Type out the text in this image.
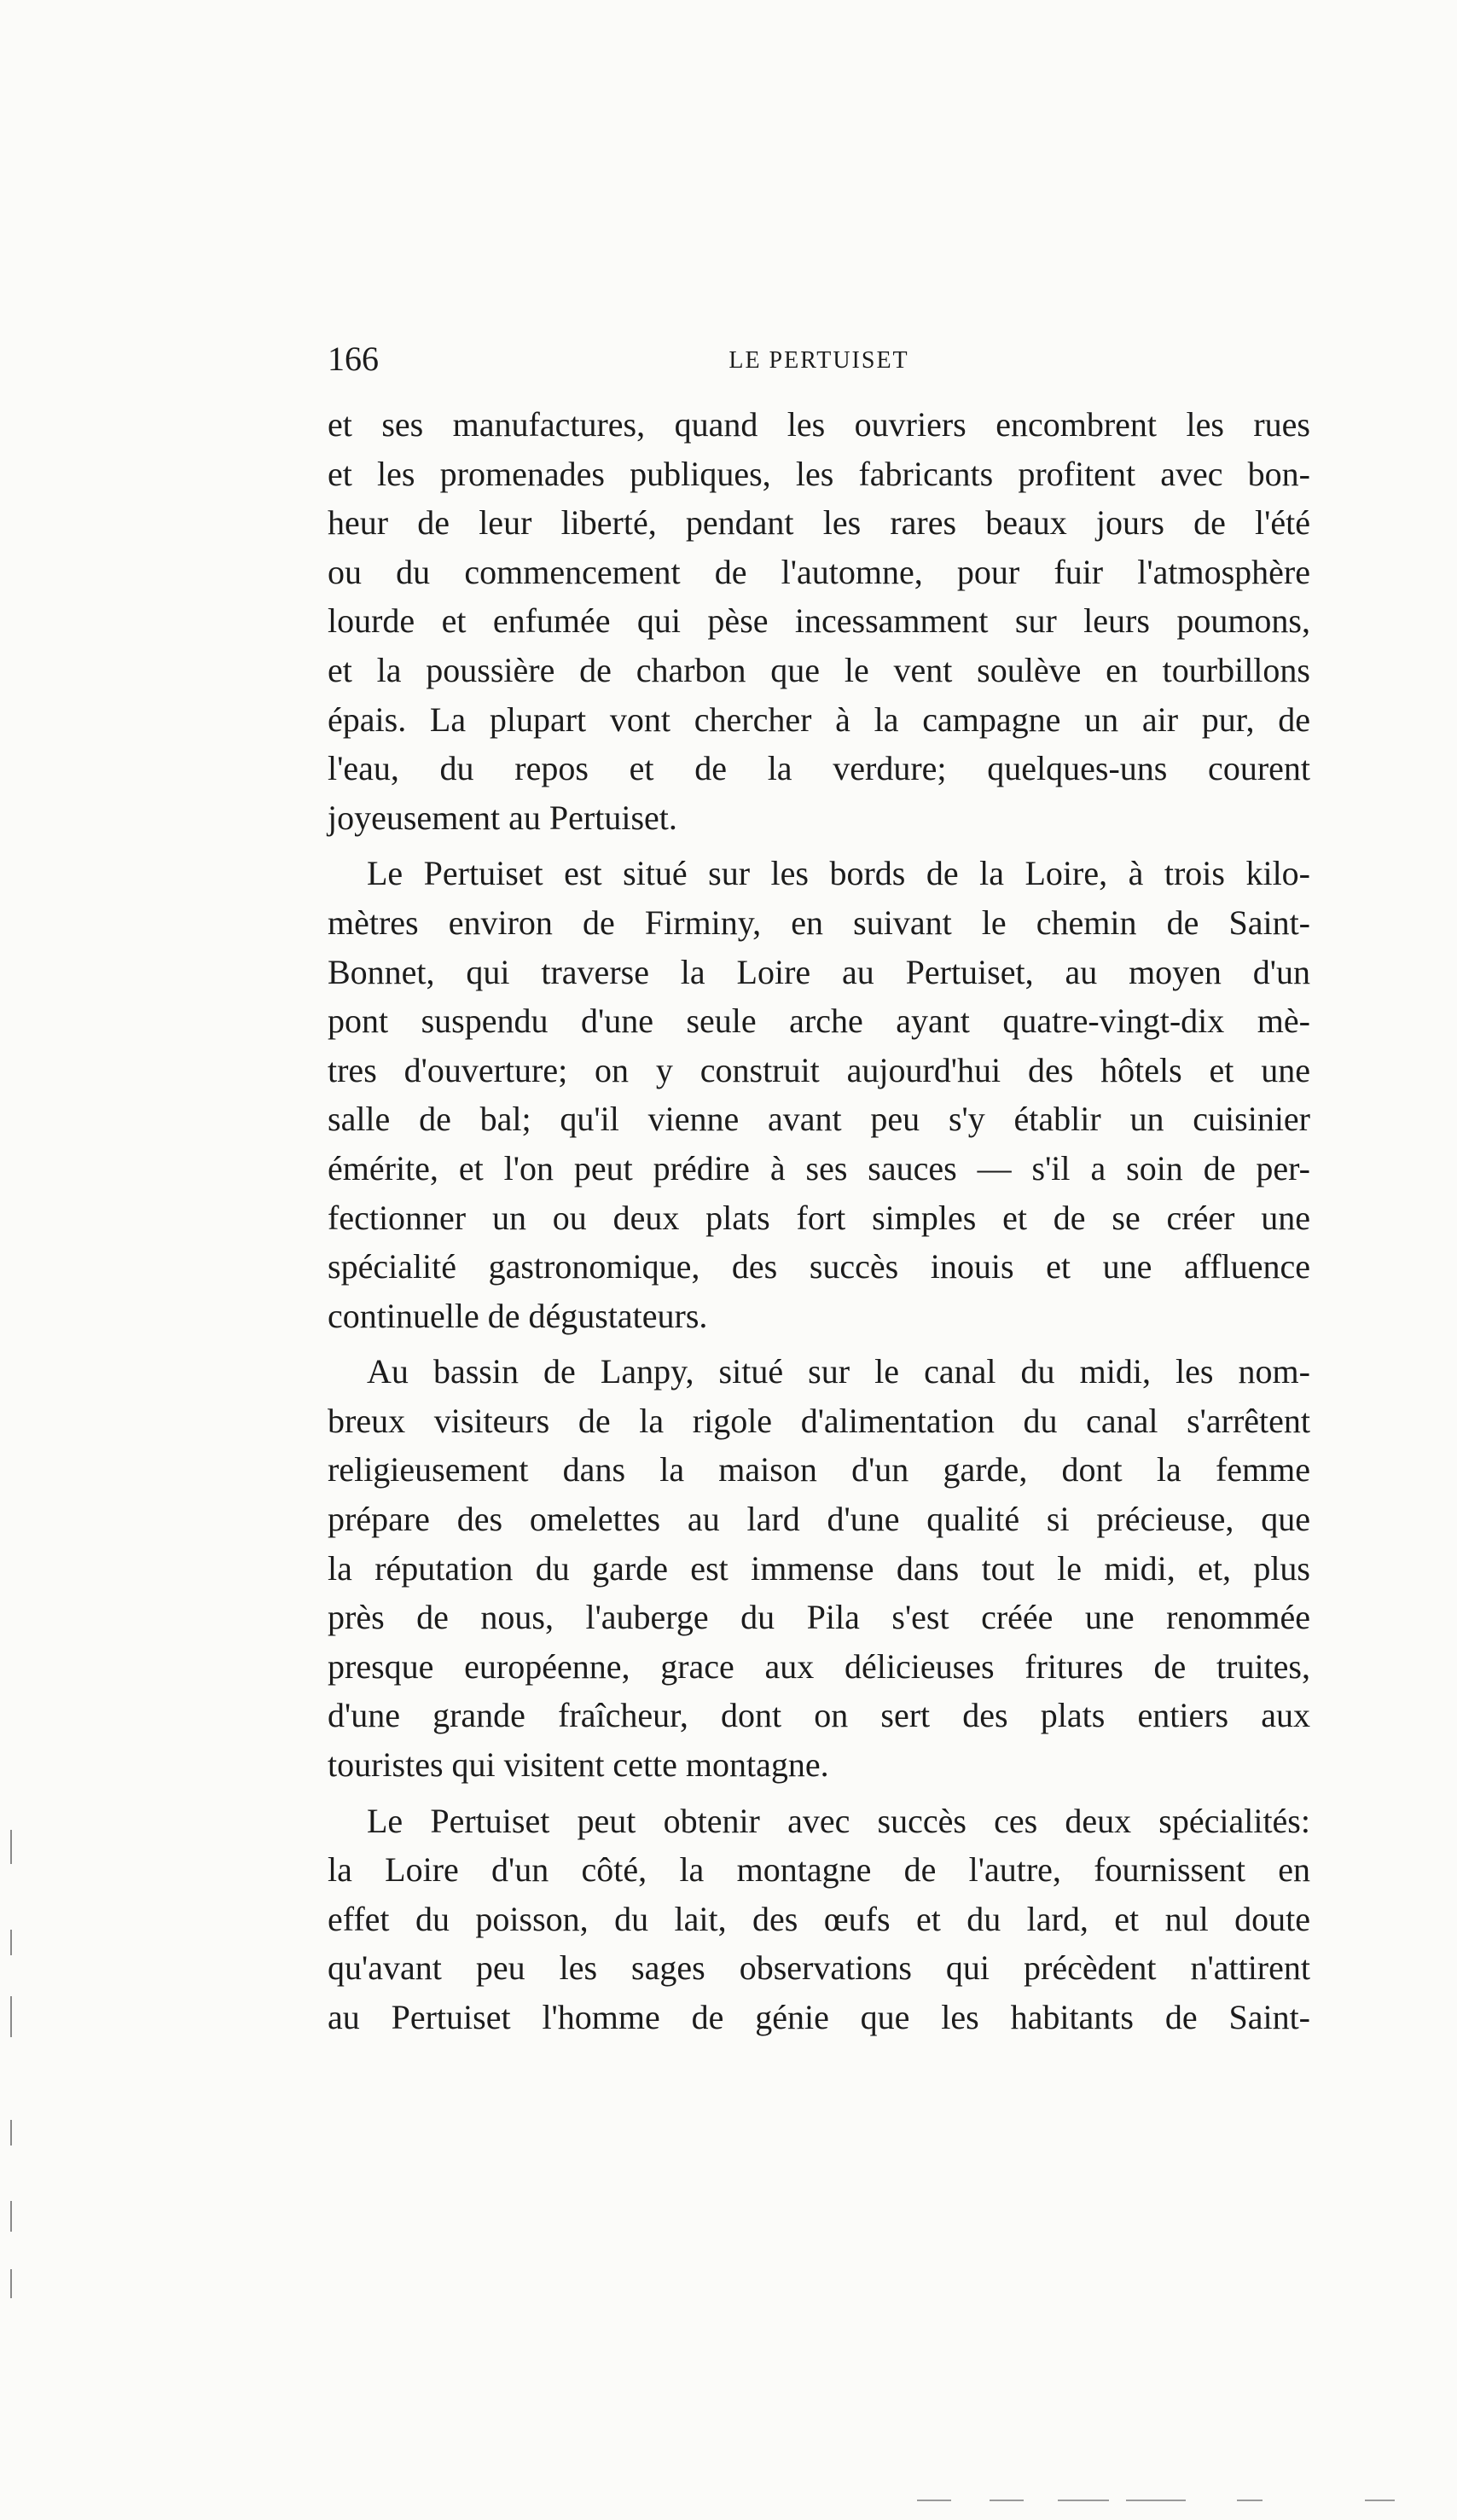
166	LE PERTUISET
et ses manufactures, quand les ouvriers encombrent les rues
et les promenades publiques, les fabricants profitent avec bon-
heur de leur liberté, pendant les rares beaux jours de l'été
ou du commencement de l'automne, pour fuir l'atmosphère
lourde et enfumée qui pèse incessamment sur leurs poumons,
et la poussière de charbon que le vent soulève en tourbillons
épais. La plupart vont chercher à la campagne un air pur, de
l'eau, du repos et de la verdure; quelques-uns courent
joyeusement au Pertuiset.
Le Pertuiset est situé sur les bords de la Loire, à trois kilo-
mètres environ de Firminy, en suivant le chemin de Saint-
Bonnet, qui traverse la Loire au Pertuiset, au moyen d'un
pont suspendu d'une seule arche ayant quatre-vingt-dix mè-
tres d'ouverture; on y construit aujourd'hui des hôtels et une
salle de bal; qu'il vienne avant peu s'y établir un cuisinier
émérite, et l'on peut prédire à ses sauces — s'il a soin de per-
fectionner un ou deux plats fort simples et de se créer une
spécialité gastronomique, des succès inouis et une affluence
continuelle de dégustateurs.
Au bassin de Lanpy, situé sur le canal du midi, les nom-
breux visiteurs de la rigole d'alimentation du canal s'arrêtent
religieusement dans la maison d'un garde, dont la femme
prépare des omelettes au lard d'une qualité si précieuse, que
la réputation du garde est immense dans tout le midi, et, plus
près de nous, l'auberge du Pila s'est créée une renommée
presque européenne, grace aux délicieuses fritures de truites,
d'une grande fraîcheur, dont on sert des plats entiers aux
touristes qui visitent cette montagne.
Le Pertuiset peut obtenir avec succès ces deux spécialités:
la Loire d'un côté, la montagne de l'autre, fournissent en
effet du poisson, du lait, des œufs et du lard, et nul doute
qu'avant peu les sages observations qui précèdent n'attirent
au Pertuiset l'homme de génie que les habitants de Saint-
